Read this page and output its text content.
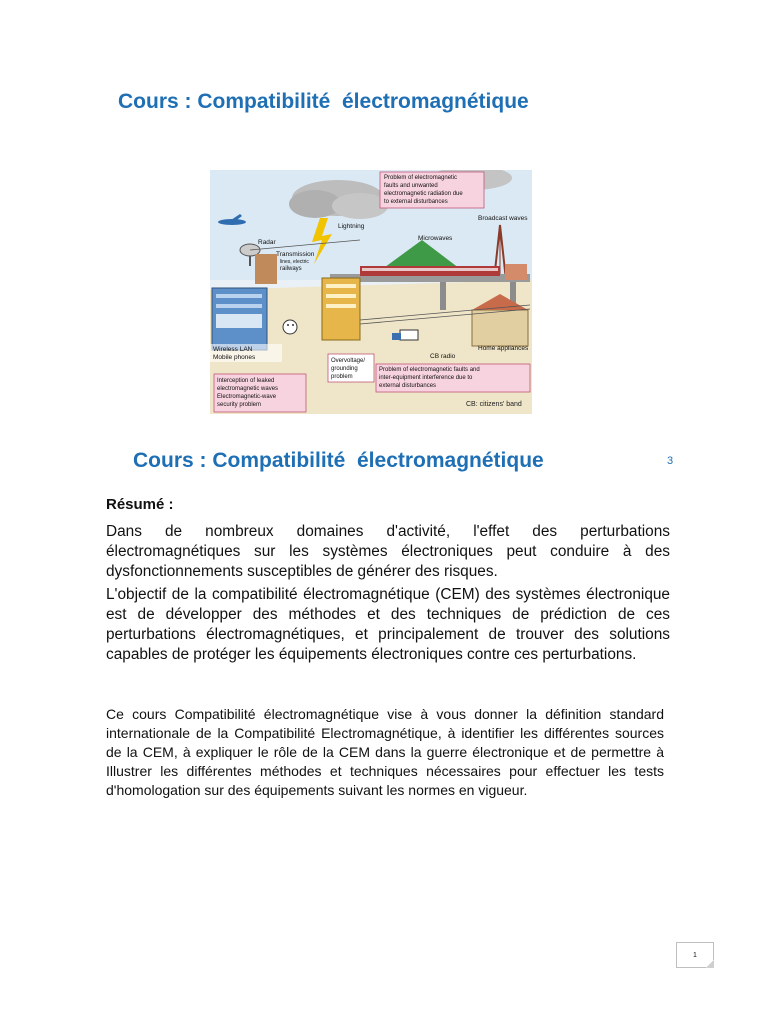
Cours : Compatibilité  électromagnétique
Problem of electromagnetic
faults and unwanted
electromagnetic radiation due
to external disturbances
Broadcast waves
Lightning
Microwaves
Radar
Transmission
lines, electric
railways
Wireless LAN
Mobile phones	Overvoltage/
grounding
problem
CB radio
Home appliances
Interception of leaked
electromagnetic waves
Electromagnetic-wave
security problem
Problem of electromagnetic faults and
inter-equipment interference due to
external disturbances

CB: citizens' band

Cours : Compatibilité  électromagnétique	3
Résumé :

Dans de nombreux domaines d'activité, l'effet des perturbations électromagnétiques sur les systèmes électroniques peut conduire à des dysfonctionnements susceptibles de générer des risques.

L'objectif de la compatibilité électromagnétique (CEM) des systèmes électronique est de développer des méthodes et des techniques de prédiction de ces perturbations électromagnétiques, et principalement de trouver des solutions capables de protéger les équipements électroniques contre ces perturbations.

Ce cours Compatibilité électromagnétique vise à vous donner la définition standard internationale de la Compatibilité Electromagnétique, à identifier les différentes sources de la CEM, à expliquer le rôle de la CEM dans la guerre électronique et de permettre à Illustrer les différentes méthodes et techniques nécessaires pour effectuer les tests d'homologation sur des équipements suivant les normes en vigueur.

1
